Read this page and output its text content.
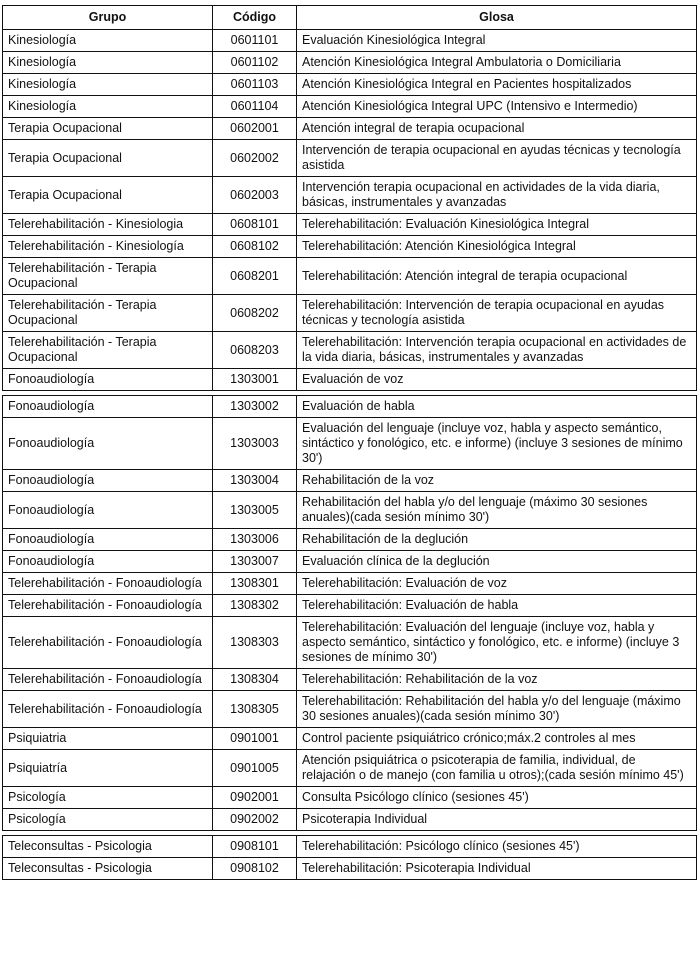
Grupo	Código	Glosa
Kinesiología	0601101	Evaluación Kinesiológica Integral
Kinesiología	0601102	Atención Kinesiológica Integral Ambulatoria o Domiciliaria
Kinesiología	0601103	Atención Kinesiológica Integral en Pacientes hospitalizados
Kinesiología	0601104	Atención Kinesiológica Integral UPC (Intensivo e Intermedio)
Terapia Ocupacional	0602001	Atención integral de terapia ocupacional
Terapia Ocupacional	0602002	Intervención de terapia ocupacional en ayudas técnicas y tecnología asistida
Terapia Ocupacional	0602003	Intervención terapia ocupacional en actividades de la vida diaria, básicas, instrumentales y avanzadas
Telerehabilitación - Kinesiologia	0608101	Telerehabilitación: Evaluación Kinesiológica Integral
Telerehabilitación - Kinesiología	0608102	Telerehabilitación: Atención Kinesiológica Integral
Telerehabilitación - Terapia Ocupacional	0608201	Telerehabilitación: Atención integral de terapia ocupacional
Telerehabilitación - Terapia Ocupacional	0608202	Telerehabilitación: Intervención de terapia ocupacional en ayudas técnicas y tecnología asistida
Telerehabilitación - Terapia Ocupacional	0608203	Telerehabilitación: Intervención terapia ocupacional en actividades de la vida diaria, básicas, instrumentales y avanzadas
Fonoaudiología	1303001	Evaluación de voz
Fonoaudiología	1303002	Evaluación de habla
Fonoaudiología	1303003	Evaluación del lenguaje (incluye voz, habla y aspecto semántico, sintáctico y fonológico, etc. e informe) (incluye 3 sesiones de mínimo 30')
Fonoaudiología	1303004	Rehabilitación de la voz
Fonoaudiología	1303005	Rehabilitación del habla y/o del lenguaje (máximo 30 sesiones anuales)(cada sesión mínimo 30')
Fonoaudiología	1303006	Rehabilitación de la deglución
Fonoaudiología	1303007	Evaluación clínica de la deglución
Telerehabilitación - Fonoaudiología	1308301	Telerehabilitación: Evaluación de voz
Telerehabilitación - Fonoaudiología	1308302	Telerehabilitación: Evaluación de habla
Telerehabilitación - Fonoaudiología	1308303	Telerehabilitación: Evaluación del lenguaje (incluye voz, habla y aspecto semántico, sintáctico y fonológico, etc. e informe) (incluye 3 sesiones de mínimo 30')
Telerehabilitación - Fonoaudiología	1308304	Telerehabilitación: Rehabilitación de la voz
Telerehabilitación - Fonoaudiología	1308305	Telerehabilitación: Rehabilitación del habla y/o del lenguaje (máximo 30 sesiones anuales)(cada sesión mínimo 30')
Psiquiatria	0901001	Control paciente psiquiátrico crónico;máx.2 controles al mes
Psiquiatría	0901005	Atención psiquiátrica o psicoterapia de familia, individual, de relajación o de manejo (con familia u otros);(cada sesión mínimo 45')
Psicología	0902001	Consulta Psicólogo clínico (sesiones 45')
Psicología	0902002	Psicoterapia Individual
Teleconsultas - Psicologia	0908101	Telerehabilitación: Psicólogo clínico (sesiones 45')
Teleconsultas - Psicologia	0908102	Telerehabilitación: Psicoterapia Individual
